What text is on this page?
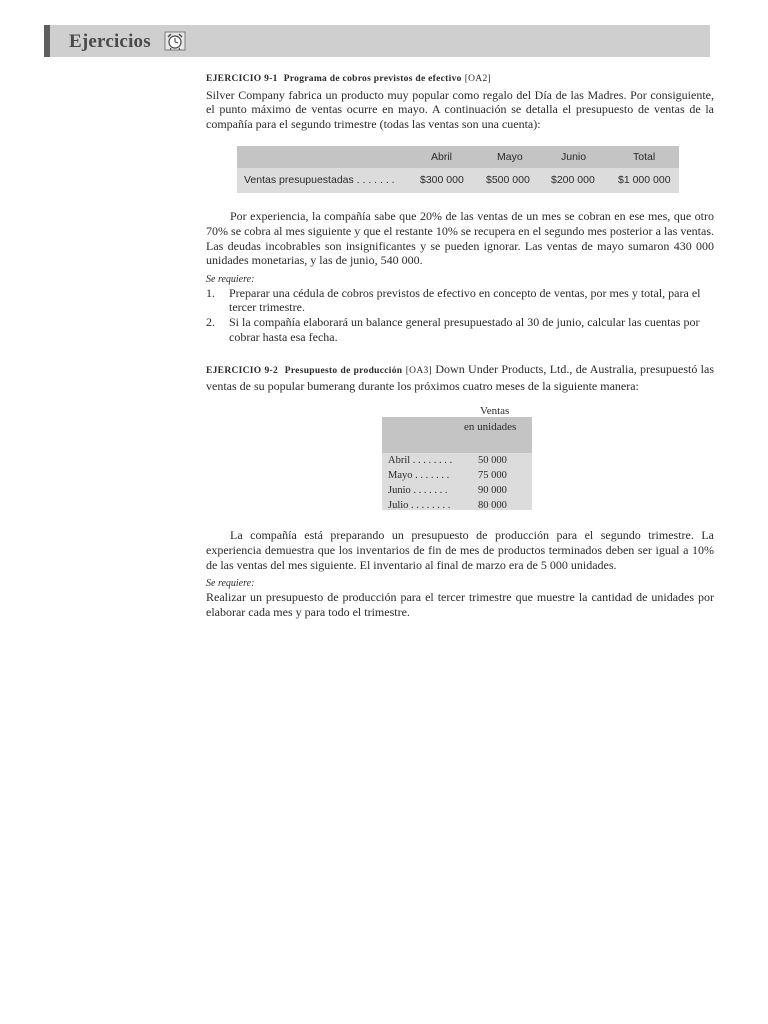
Ejercicios
EJERCICIO 9-1 Programa de cobros previstos de efectivo [OA2]

Silver Company fabrica un producto muy popular como regalo del Día de las Madres. Por consiguiente, el punto máximo de ventas ocurre en mayo. A continuación se detalla el presupuesto de ventas de la compañía para el segundo trimestre (todas las ventas son una cuenta):

Abril	Mayo	Junio	Total
Ventas presupuestadas . . . . . . . $300 000 $500 000 $200 000 $1 000 000

Por experiencia, la compañía sabe que 20% de las ventas de un mes se cobran en ese mes, que otro 70% se cobra al mes siguiente y que el restante 10% se recupera en el segundo mes posterior a las ventas. Las deudas incobrables son insignificantes y se pueden ignorar. Las ventas de mayo sumaron 430 000 unidades monetarias, y las de junio, 540 000.

Se requiere:
1. Preparar una cédula de cobros previstos de efectivo en concepto de ventas, por mes y total, para el tercer trimestre.
2. Si la compañía elaborará un balance general presupuestado al 30 de junio, calcular las cuentas por cobrar hasta esa fecha.

EJERCICIO 9-2 Presupuesto de producción [OA3] Down Under Products, Ltd., de Australia, presupuestó las ventas de su popular bumerang durante los próximos cuatro meses de la siguiente manera:

Ventas
en unidades
Abril . . . . . . . . 50 000
Mayo . . . . . . .	75 000
Junio . . . . . . .	90 000
Julio . . . . . . . .	80 000

La compañía está preparando un presupuesto de producción para el segundo trimestre. La experiencia demuestra que los inventarios de fin de mes de productos terminados deben ser igual a 10% de las ventas del mes siguiente. El inventario al final de marzo era de 5 000 unidades.

Se requiere:

Realizar un presupuesto de producción para el tercer trimestre que muestre la cantidad de unidades por elaborar cada mes y para todo el trimestre.
